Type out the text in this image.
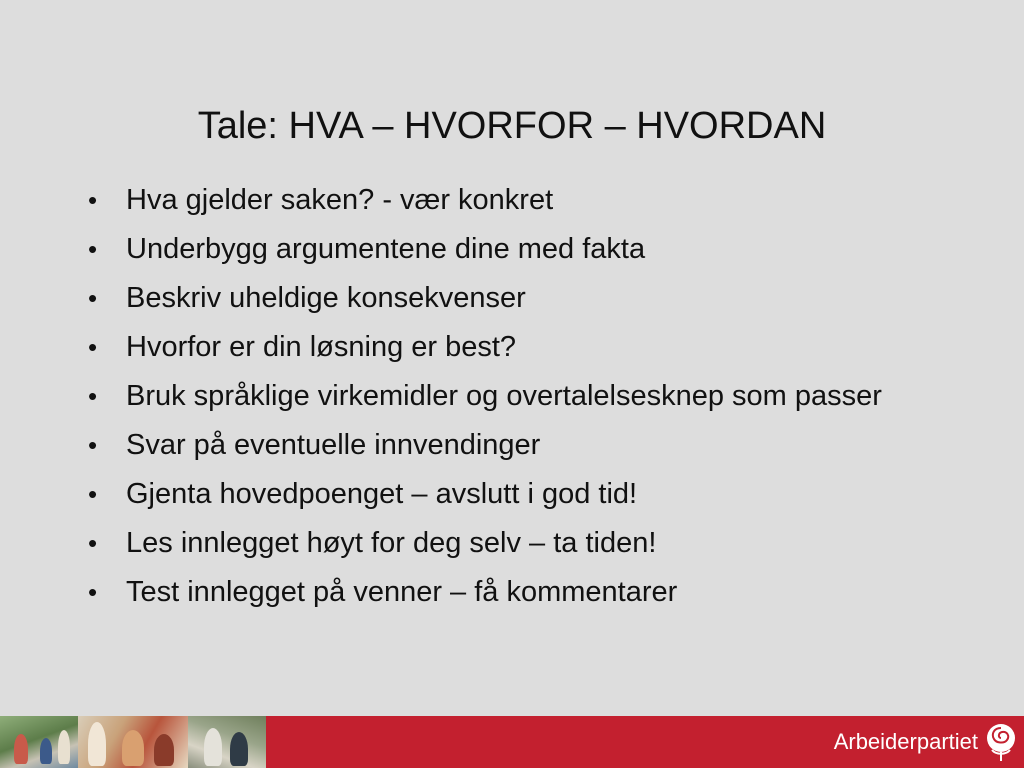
Tale: HVA – HVORFOR – HVORDAN
• Hva gjelder saken? - vær konkret
• Underbygg argumentene dine med fakta
• Beskriv uheldige konsekvenser
• Hvorfor er din løsning er best?
• Bruk språklige virkemidler og overtalelsesknep som passer
• Svar på eventuelle innvendinger
• Gjenta hovedpoenget – avslutt i god tid!
• Les innlegget høyt for deg selv – ta tiden!
• Test innlegget på venner – få kommentarer
Arbeiderpartiet
